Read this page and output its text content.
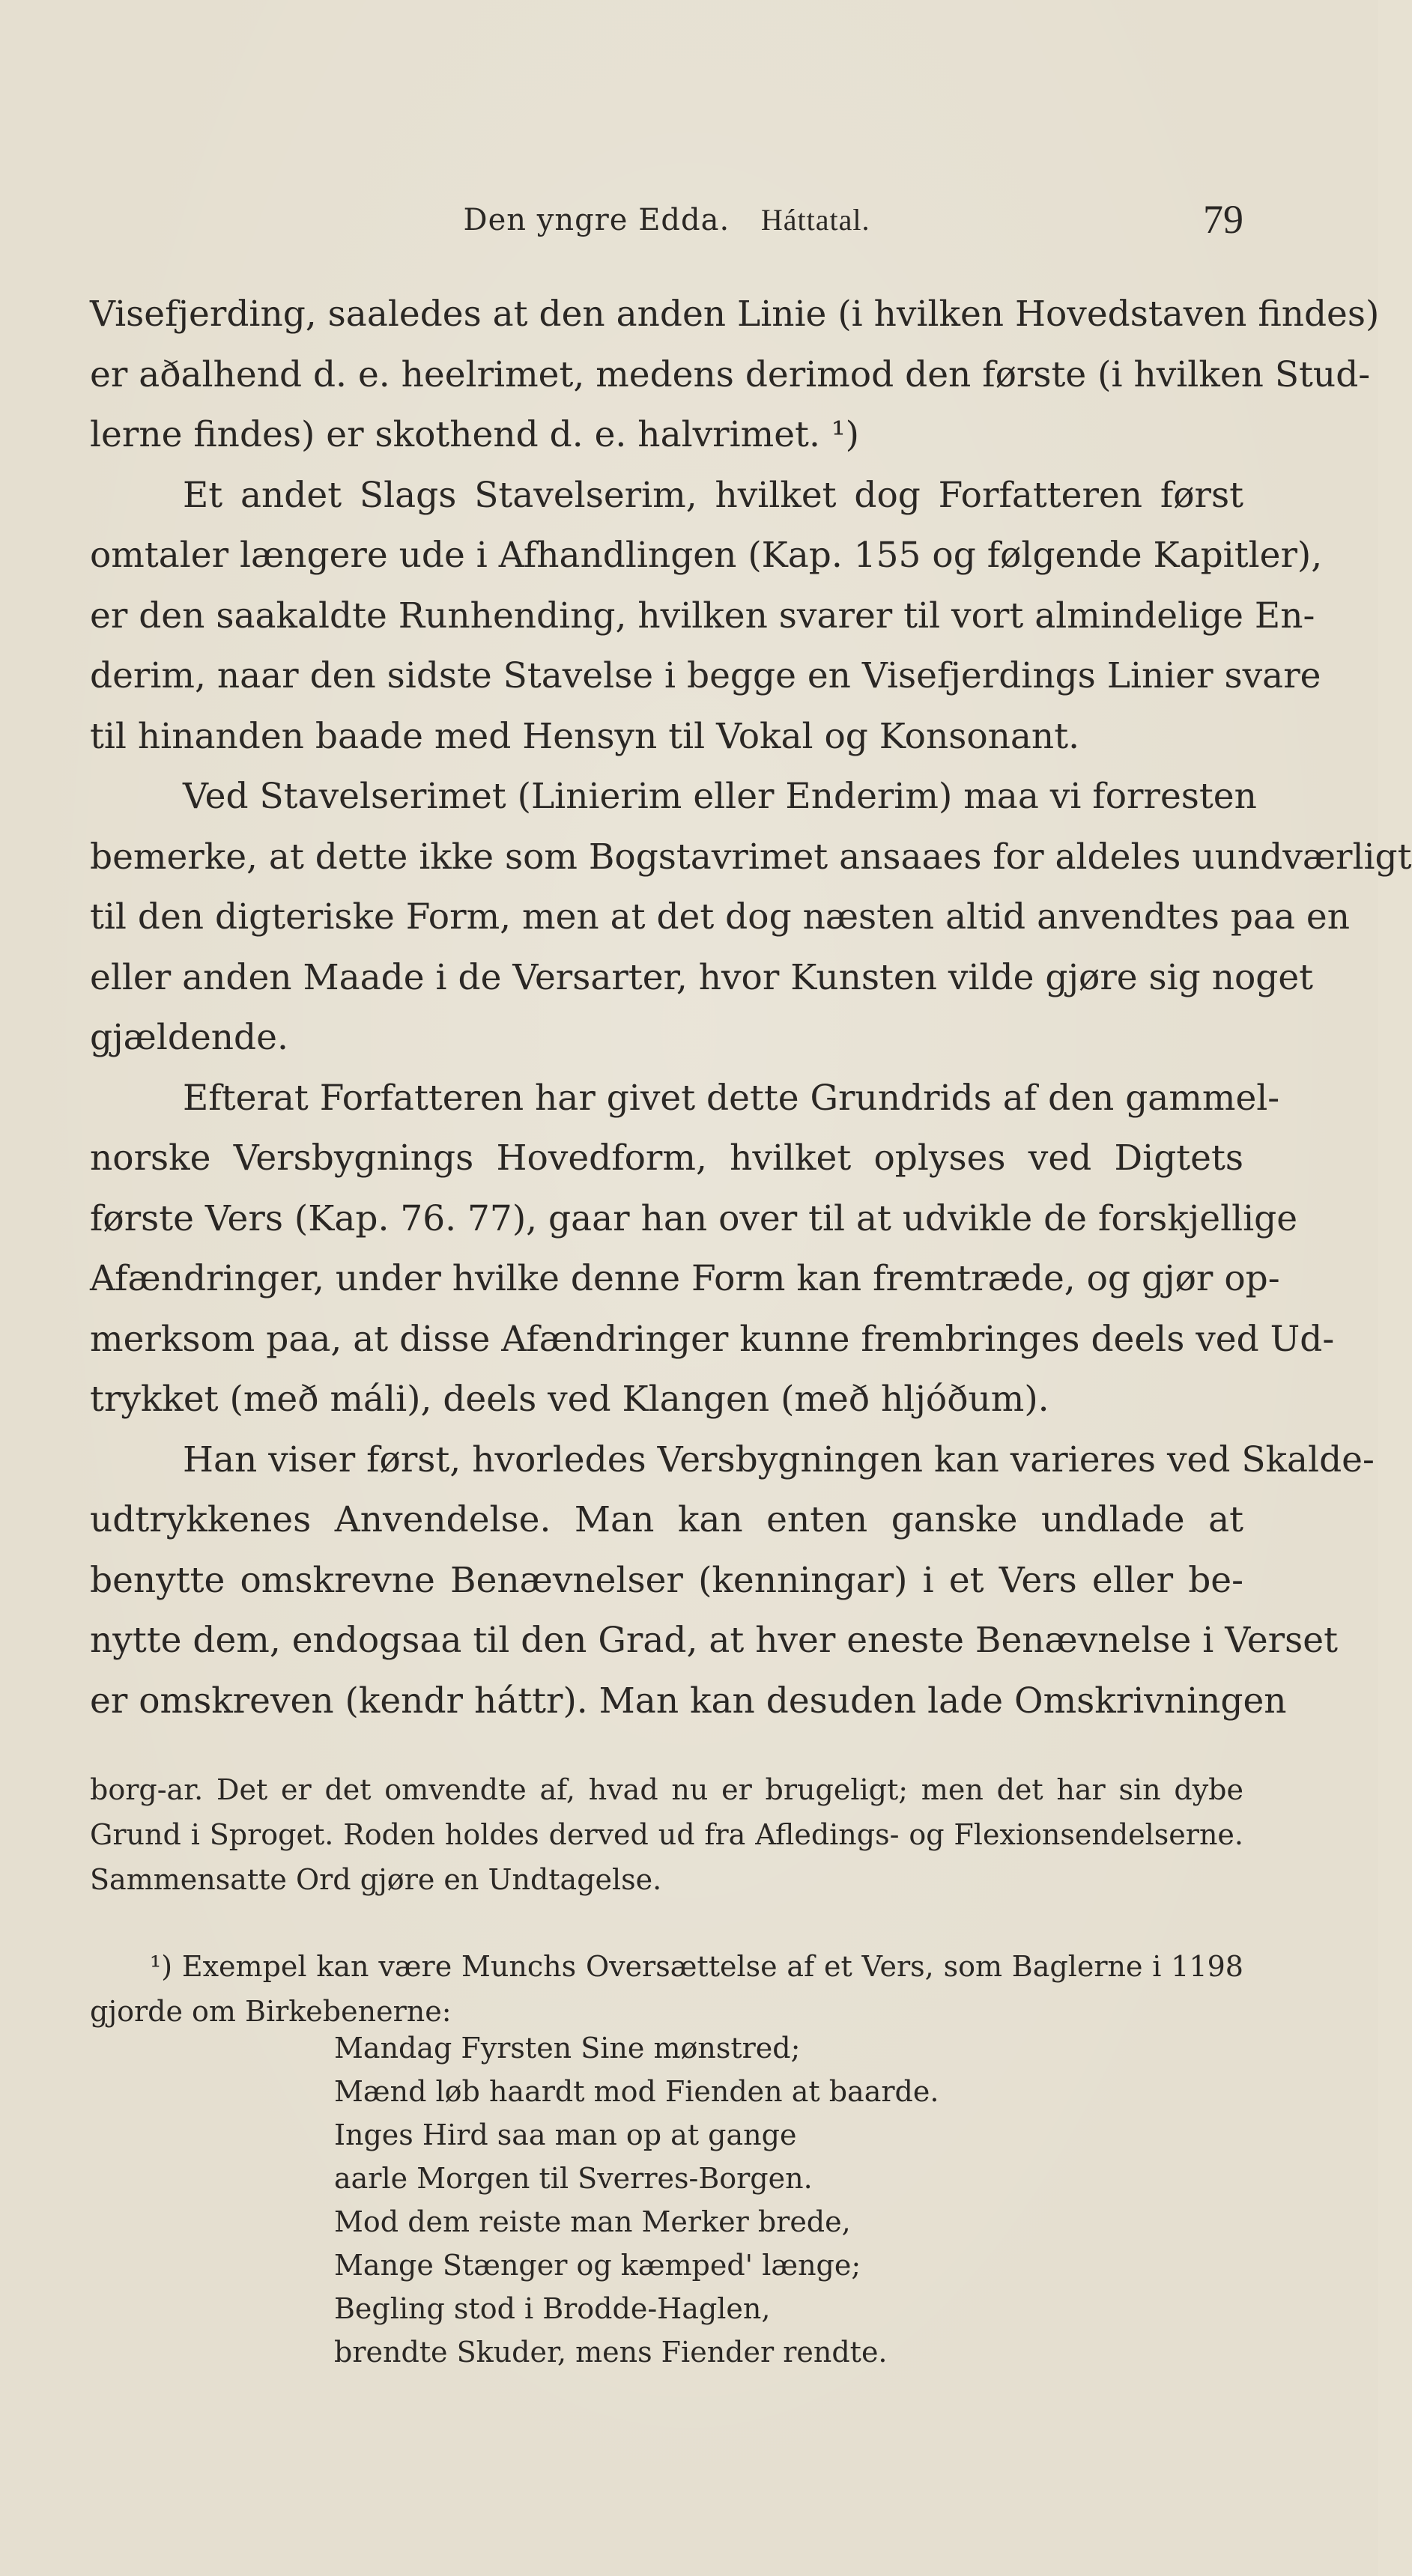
Den yngre Edda. Háttatal.	79
Visefjerding, saaledes at den anden Linie (i hvilken Hovedstaven findes)
er aðalhend d. e. heelrimet, medens derimod den første (i hvilken Stud-
lerne findes) er skothend d. e. halvrimet. ¹)
Et andet Slags Stavelserim, hvilket dog Forfatteren først
omtaler længere ude i Afhandlingen (Kap. 155 og følgende Kapitler),
er den saakaldte Runhending, hvilken svarer til vort almindelige En-
derim, naar den sidste Stavelse i begge en Visefjerdings Linier svare
til hinanden baade med Hensyn til Vokal og Konsonant.
Ved Stavelserimet (Linierim eller Enderim) maa vi forresten
bemerke, at dette ikke som Bogstavrimet ansaaes for aldeles uundværligt
til den digteriske Form, men at det dog næsten altid anvendtes paa en
eller anden Maade i de Versarter, hvor Kunsten vilde gjøre sig noget
gjældende.
Efterat Forfatteren har givet dette Grundrids af den gammel-
norske Versbygnings Hovedform, hvilket oplyses ved Digtets
første Vers (Kap. 76. 77), gaar han over til at udvikle de forskjellige
Afændringer, under hvilke denne Form kan fremtræde, og gjør op-
merksom paa, at disse Afændringer kunne frembringes deels ved Ud-
trykket (með máli), deels ved Klangen (með hljóðum).
Han viser først, hvorledes Versbygningen kan varieres ved Skalde-
udtrykkenes Anvendelse. Man kan enten ganske undlade at
benytte omskrevne Benævnelser (kenningar) i et Vers eller be-
nytte dem, endogsaa til den Grad, at hver eneste Benævnelse i Verset
er omskreven (kendr háttr). Man kan desuden lade Omskrivningen
borg-ar. Det er det omvendte af, hvad nu er brugeligt; men det har sin dybe
Grund i Sproget. Roden holdes derved ud fra Afledings- og Flexionsendelserne.
Sammensatte Ord gjøre en Undtagelse.
¹) Exempel kan være Munchs Oversættelse af et Vers, som Baglerne i 1198
gjorde om Birkebenerne:
Mandag Fyrsten Sine mønstred;
Mænd løb haardt mod Fienden at baarde.
Inges Hird saa man op at gange
aarle Morgen til Sverres-Borgen.
Mod dem reiste man Merker brede,
Mange Stænger og kæmped' længe;
Begling stod i Brodde-Haglen,
brendte Skuder, mens Fiender rendte.
